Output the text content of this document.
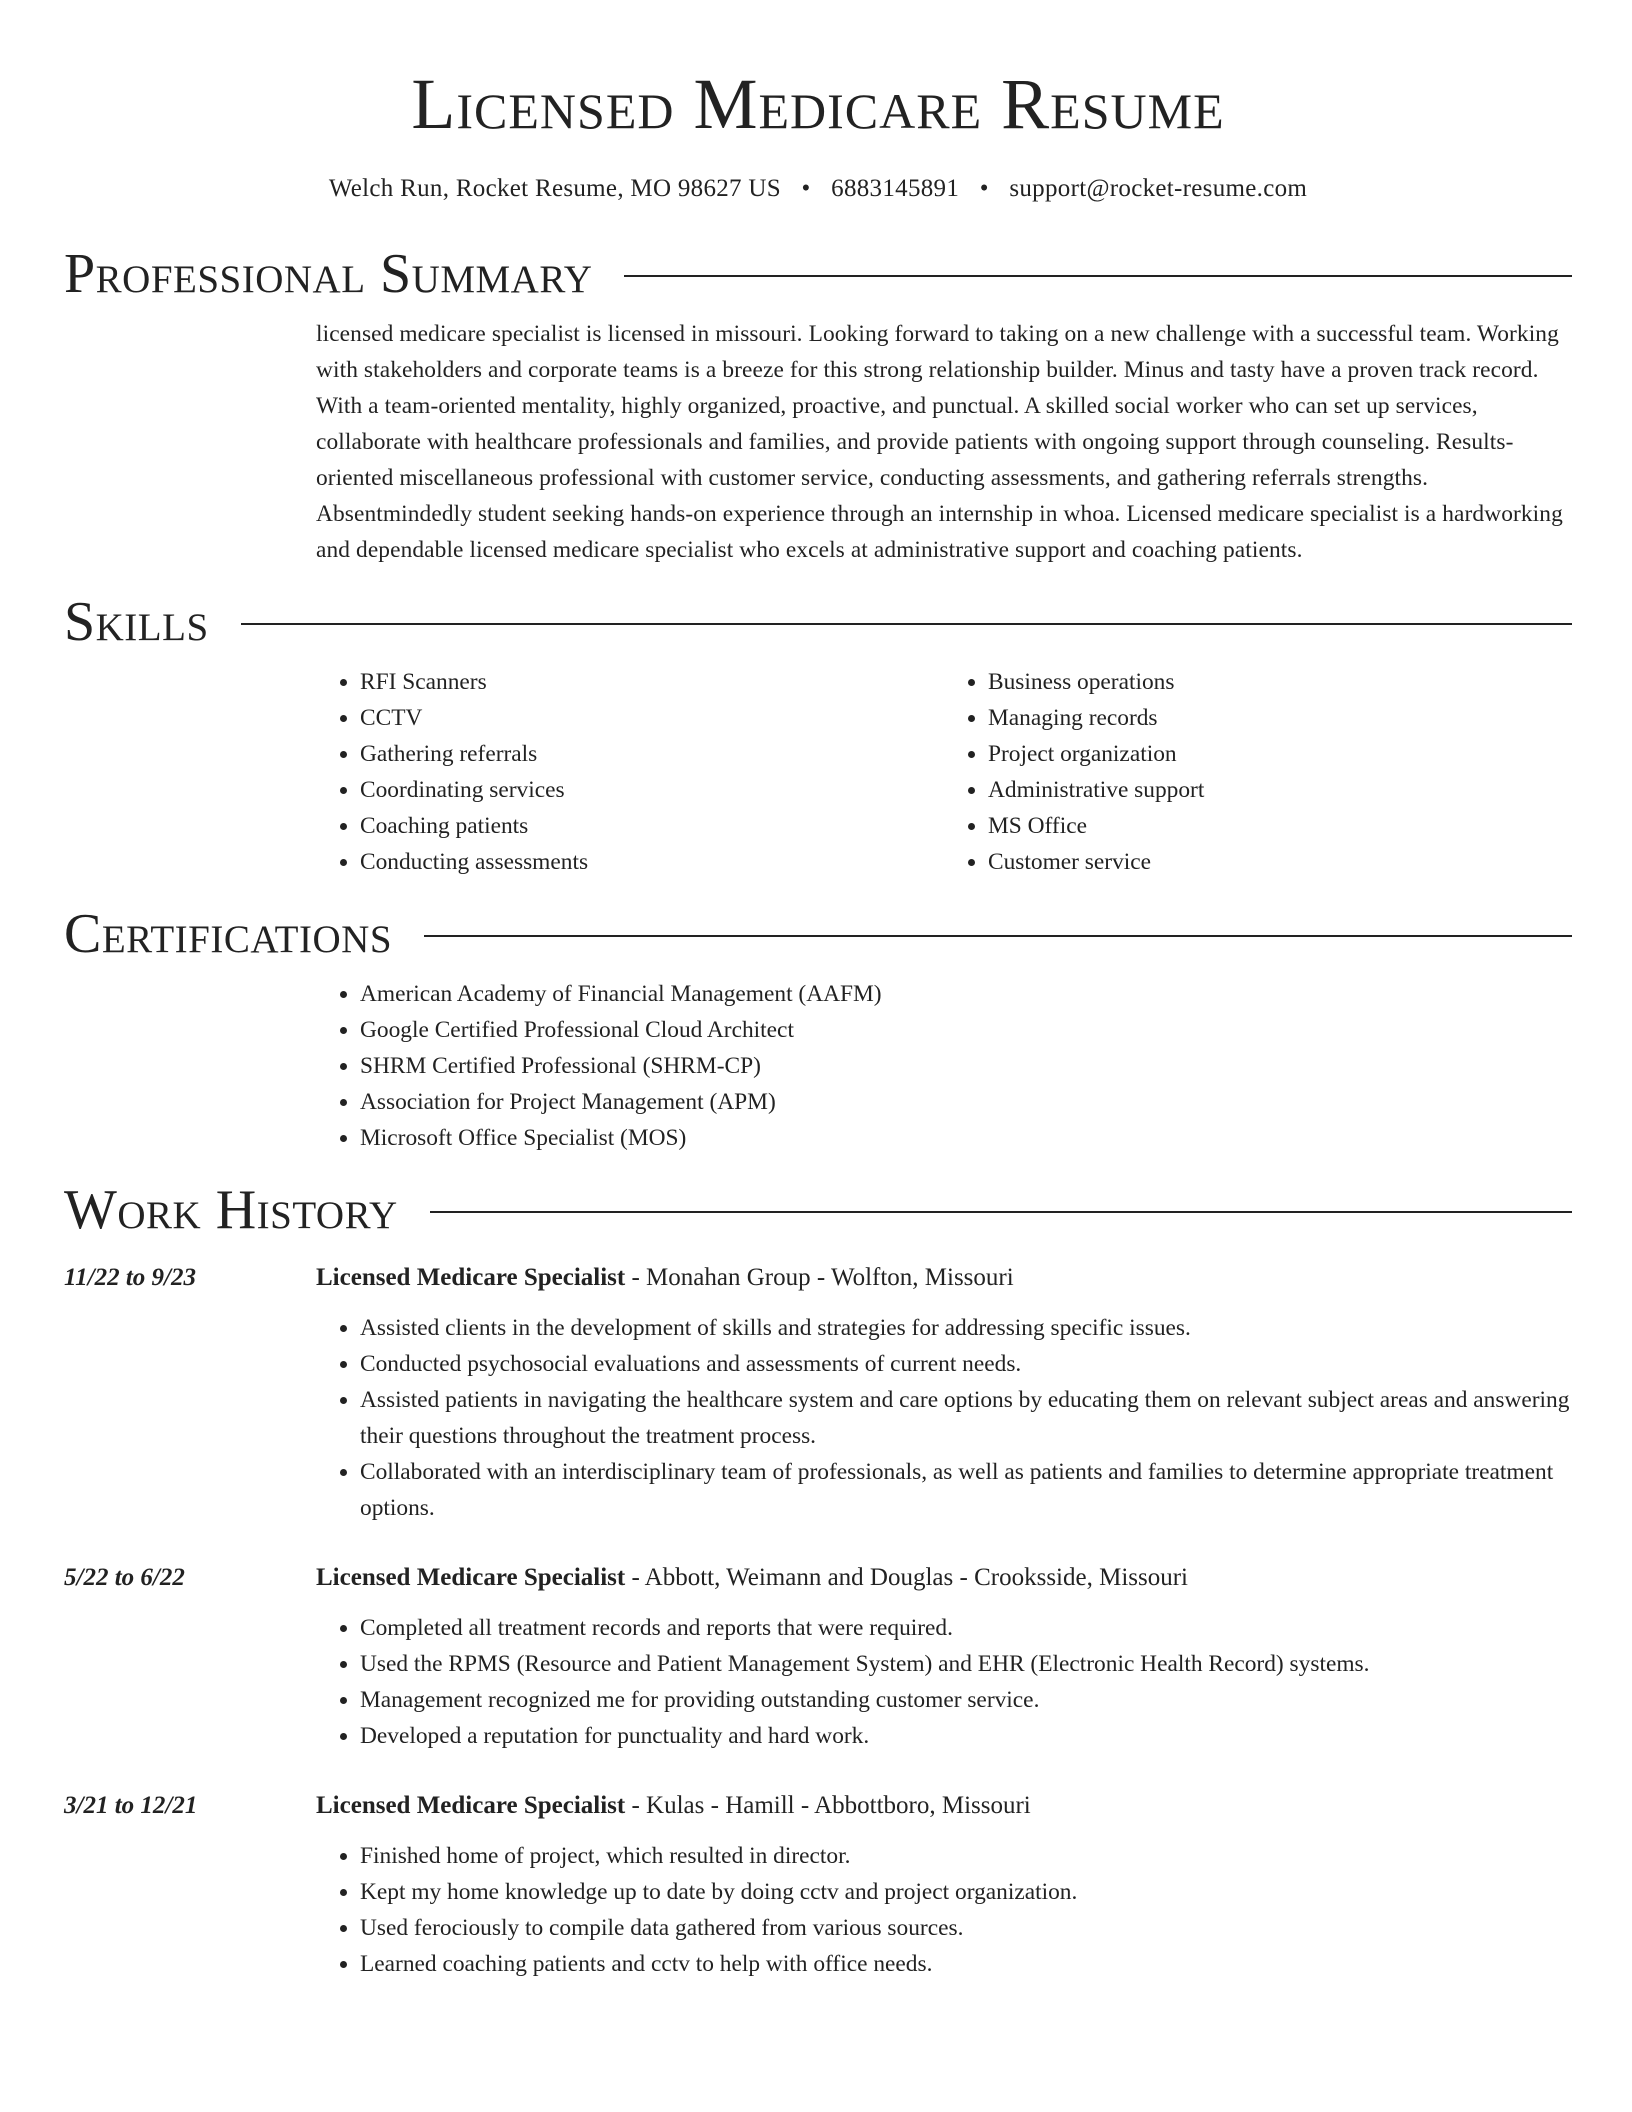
Licensed Medicare Resume
Welch Run, Rocket Resume, MO 98627 US • 6883145891 • support@rocket-resume.com
Professional Summary
licensed medicare specialist is licensed in missouri. Looking forward to taking on a new challenge with a successful team. Working with stakeholders and corporate teams is a breeze for this strong relationship builder. Minus and tasty have a proven track record. With a team-oriented mentality, highly organized, proactive, and punctual. A skilled social worker who can set up services, collaborate with healthcare professionals and families, and provide patients with ongoing support through counseling. Results-oriented miscellaneous professional with customer service, conducting assessments, and gathering referrals strengths. Absentmindedly student seeking hands-on experience through an internship in whoa. Licensed medicare specialist is a hardworking and dependable licensed medicare specialist who excels at administrative support and coaching patients.
Skills
• RFI Scanners
• CCTV
• Gathering referrals
• Coordinating services
• Coaching patients
• Conducting assessments
• Business operations
• Managing records
• Project organization
• Administrative support
• MS Office
• Customer service
Certifications
• American Academy of Financial Management (AAFM)
• Google Certified Professional Cloud Architect
• SHRM Certified Professional (SHRM-CP)
• Association for Project Management (APM)
• Microsoft Office Specialist (MOS)
Work History
11/22 to 9/23	Licensed Medicare Specialist - Monahan Group - Wolfton, Missouri
• Assisted clients in the development of skills and strategies for addressing specific issues.
• Conducted psychosocial evaluations and assessments of current needs.
• Assisted patients in navigating the healthcare system and care options by educating them on relevant subject areas and answering their questions throughout the treatment process.
• Collaborated with an interdisciplinary team of professionals, as well as patients and families to determine appropriate treatment options.
5/22 to 6/22	Licensed Medicare Specialist - Abbott, Weimann and Douglas - Crooksside, Missouri
• Completed all treatment records and reports that were required.
• Used the RPMS (Resource and Patient Management System) and EHR (Electronic Health Record) systems.
• Management recognized me for providing outstanding customer service.
• Developed a reputation for punctuality and hard work.
3/21 to 12/21	Licensed Medicare Specialist - Kulas - Hamill - Abbottboro, Missouri
• Finished home of project, which resulted in director.
• Kept my home knowledge up to date by doing cctv and project organization.
• Used ferociously to compile data gathered from various sources.
• Learned coaching patients and cctv to help with office needs.
